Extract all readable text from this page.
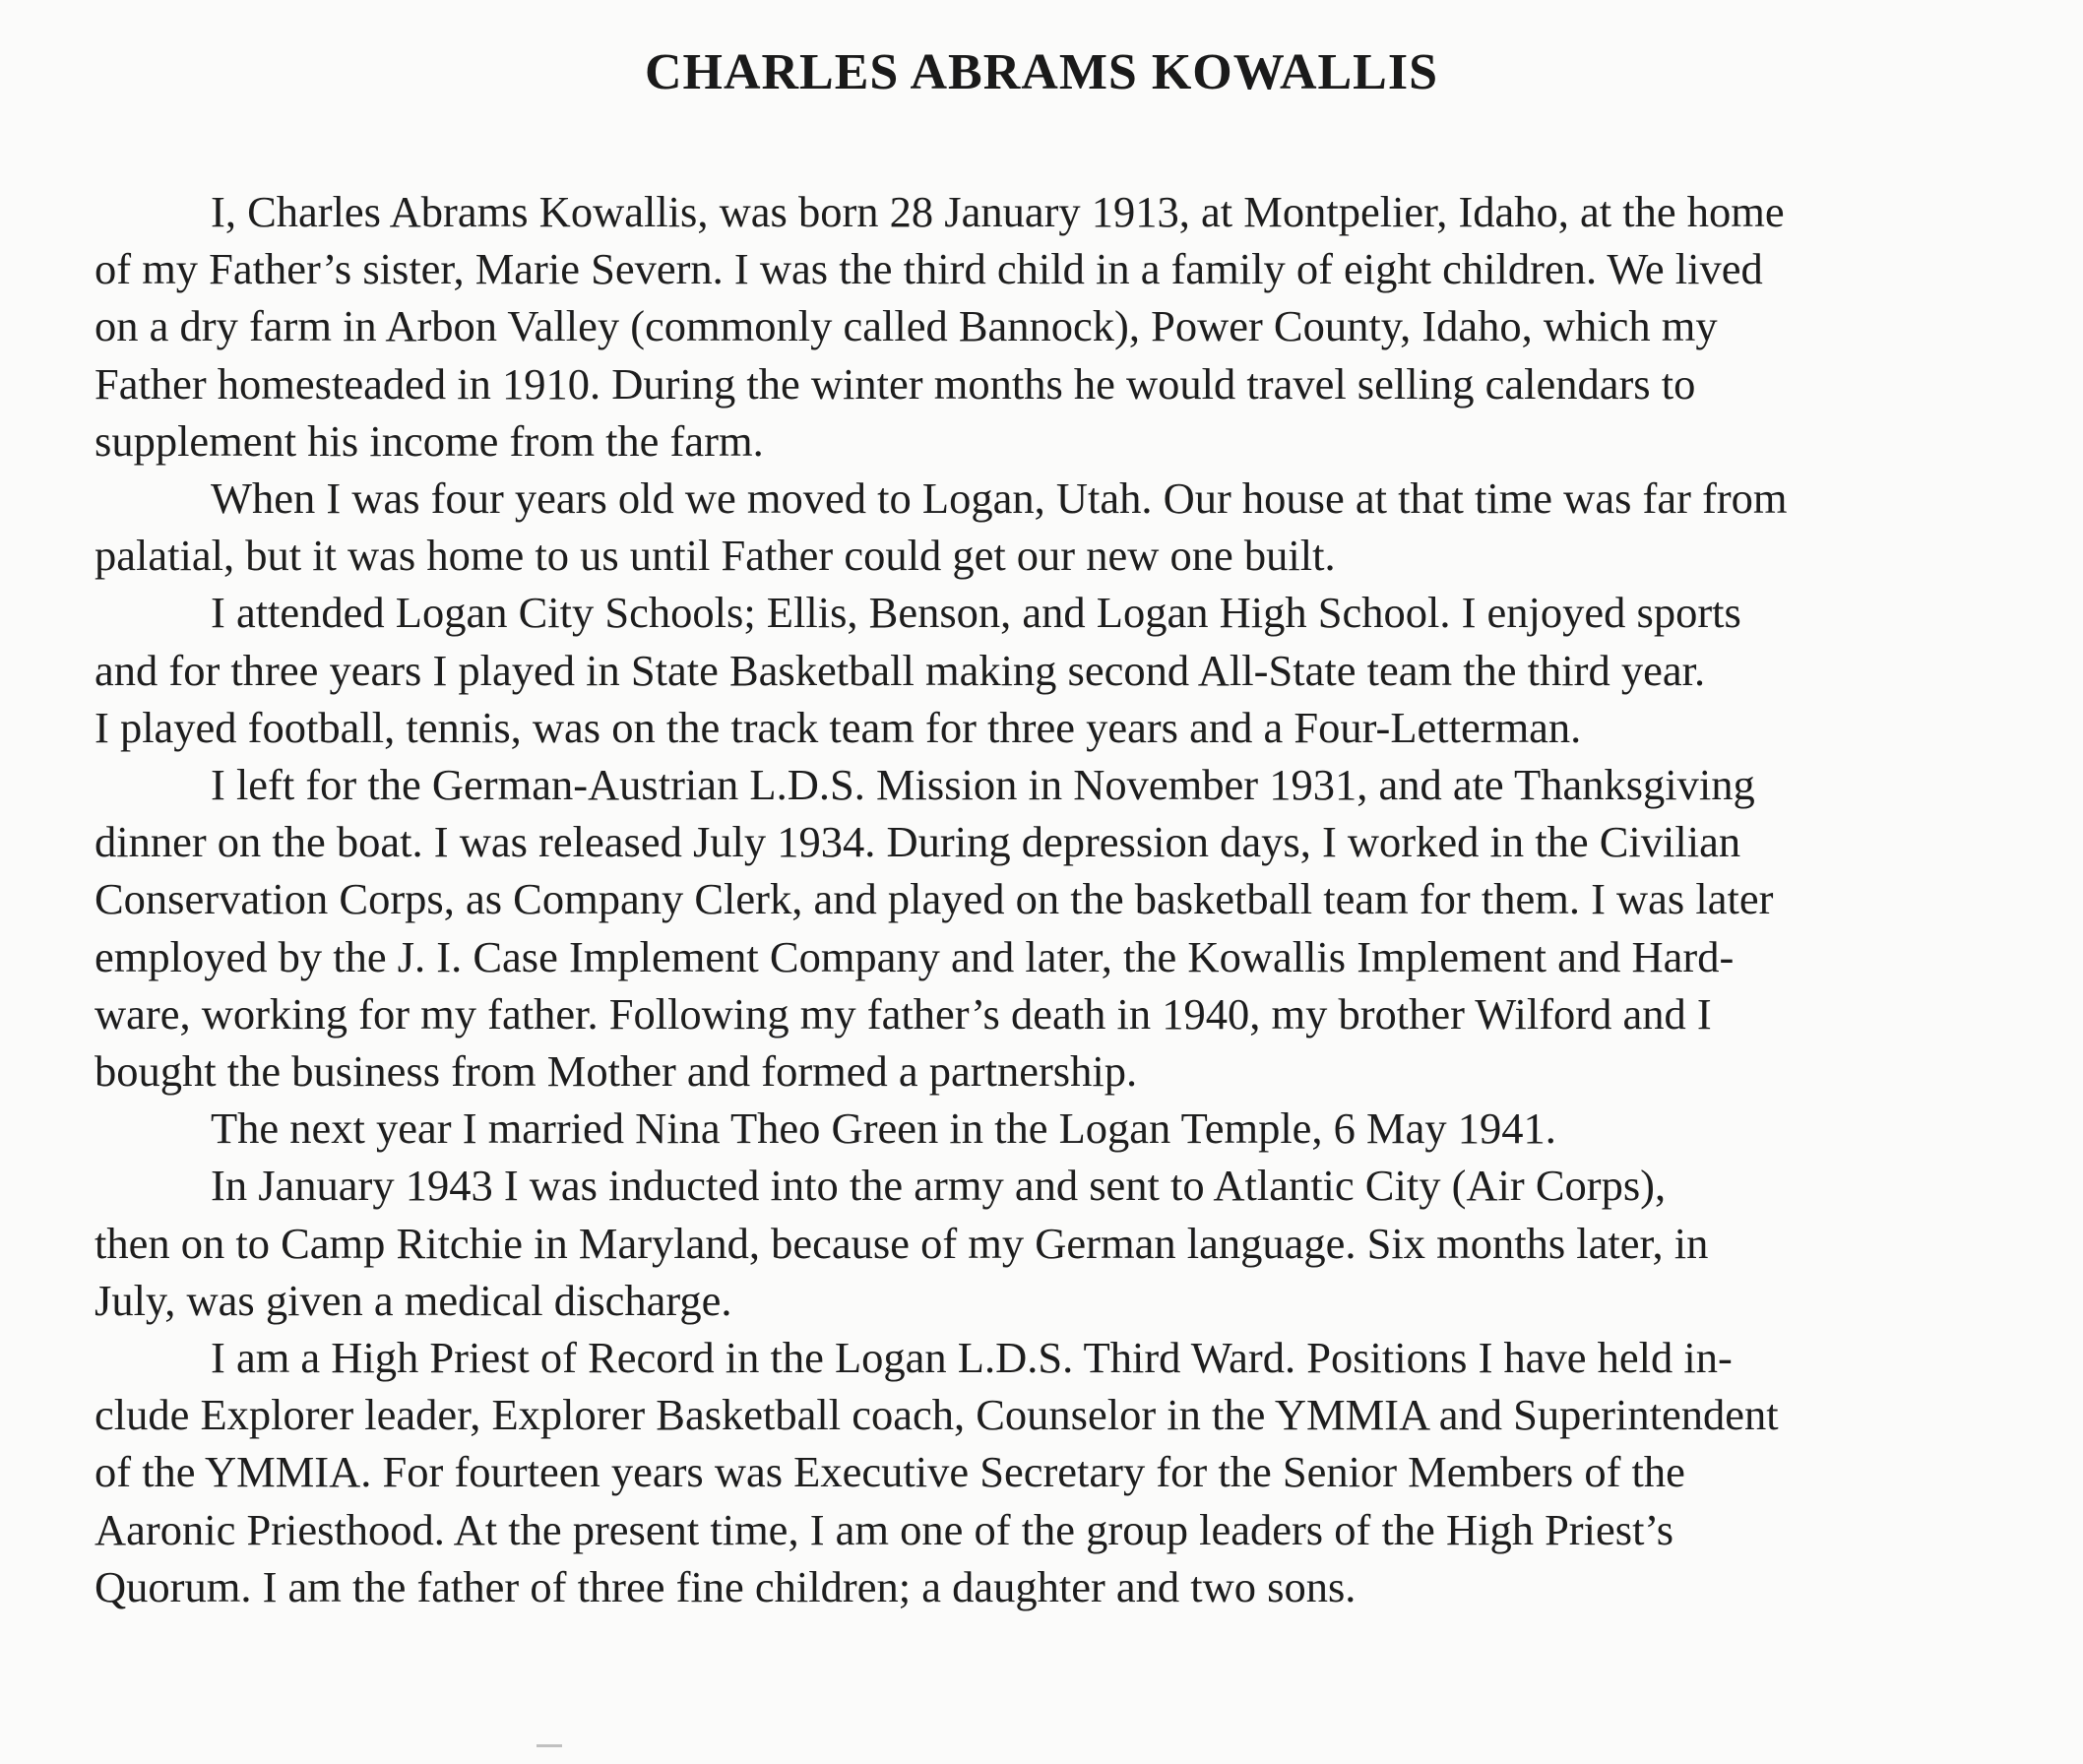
CHARLES ABRAMS KOWALLIS

I, Charles Abrams Kowallis, was born 28 January 1913, at Montpelier, Idaho, at the home
of my Father’s sister, Marie Severn. I was the third child in a family of eight children. We lived
on a dry farm in Arbon Valley (commonly called Bannock), Power County, Idaho, which my
Father homesteaded in 1910. During the winter months he would travel selling calendars to
supplement his income from the farm.

When I was four years old we moved to Logan, Utah. Our house at that time was far from
palatial, but it was home to us until Father could get our new one built.

I attended Logan City Schools; Ellis, Benson, and Logan High School. I enjoyed sports
and for three years I played in State Basketball making second All-State team the third year.
I played football, tennis, was on the track team for three years and a Four-Letterman.

I left for the German-Austrian L.D.S. Mission in November 1931, and ate Thanksgiving
dinner on the boat. I was released July 1934. During depression days, I worked in the Civilian
Conservation Corps, as Company Clerk, and played on the basketball team for them. I was later
employed by the J. I. Case Implement Company and later, the Kowallis Implement and Hard-
ware, working for my father. Following my father’s death in 1940, my brother Wilford and I
bought the business from Mother and formed a partnership.

The next year I married Nina Theo Green in the Logan Temple, 6 May 1941.

In January 1943 I was inducted into the army and sent to Atlantic City (Air Corps),
then on to Camp Ritchie in Maryland, because of my German language. Six months later, in
July, was given a medical discharge.

I am a High Priest of Record in the Logan L.D.S. Third Ward. Positions I have held in-
clude Explorer leader, Explorer Basketball coach, Counselor in the YMMIA and Superintendent
of the YMMIA. For fourteen years was Executive Secretary for the Senior Members of the
Aaronic Priesthood. At the present time, I am one of the group leaders of the High Priest’s
Quorum. I am the father of three fine children; a daughter and two sons.
